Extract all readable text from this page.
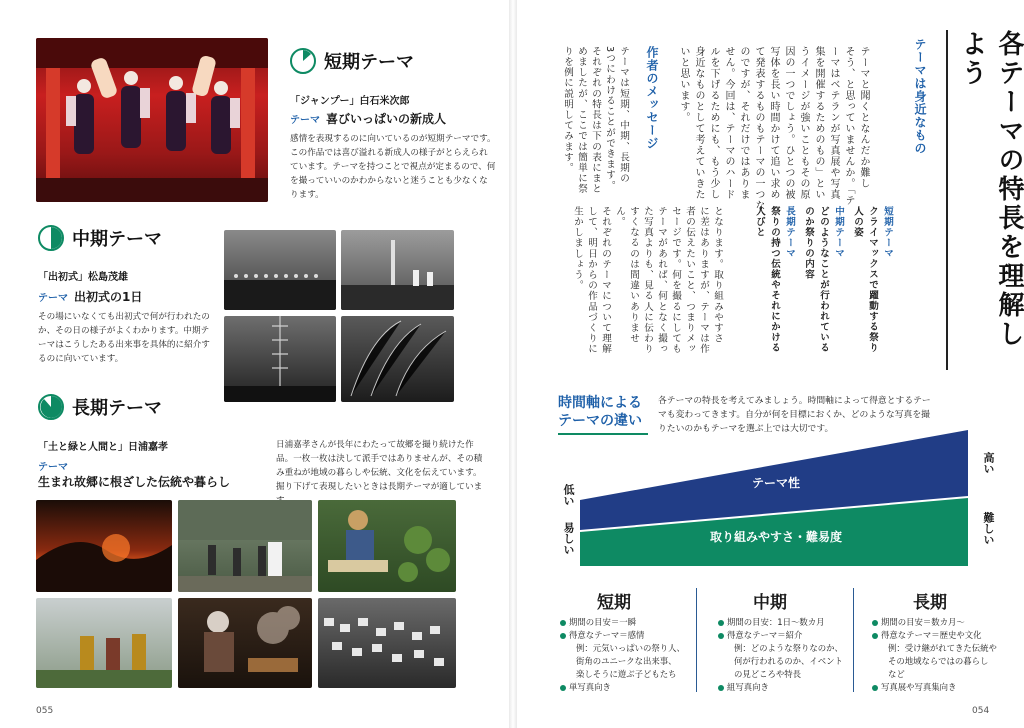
短期テーマ
「ジャンプー」白石米次郎
テーマ 喜びいっぱいの新成人
感情を表現するのに向いているのが短期テーマです。この作品では喜び溢れる新成人の様子がとらえられています。テーマを持つことで視点が定まるので、何を撮っていいのかわからないと迷うことも少なくなります。
中期テーマ
「出初式」松島茂雄
テーマ 出初式の1日
その場にいなくても出初式で何が行われたのか、その日の様子がよくわかります。中期テーマはこうしたある出来事を具体的に紹介するのに向いています。
長期テーマ
「土と緑と人間と」日浦嘉孝
テーマ
生まれ故郷に根ざした伝統や暮らし
日浦嘉孝さんが長年にわたって故郷を撮り続けた作品。一枚一枚は決して派手ではありませんが、その積み重ねが地域の暮らしや伝統、文化を伝えています。掘り下げて表現したいときは長期テーマが適していま
055
各テーマの特長を理解しよう
テーマは身近なもの
テーマと聞くとなんだか難し
そう、と思っていませんか。「テ
ーマはベテランが写真展や写真
集を開催するためのもの」とい
うイメージが強いこともその原
因の一つでしょう。ひとつの被
写体を長い時間かけて追い求め
て発表するものもテーマの一つな
のですが、それだけではありま
せん。今回は、テーマのハード
ルを下げるためにも、もう少し
身近なものとして考えていきた
いと思います。
短期テーマ
クライマックスで躍動する祭り人の姿
中期テーマ
どのようなことが行われているのか祭りの内容
長期テーマ
祭りの持つ伝統やそれにかける人びと
となります。取り組みやすさ
に差はありますが、テーマは作
者の伝えたいこと、つまりメッ
セージです。何を撮るにしても
テーマがあれば、何となく撮っ
た写真よりも、見る人に伝わり
すくなるのは間違いありません。
それぞれのテーマについて理解
して、明日からの作品づくりに
生かしましょう。
作者のメッセージ
テーマは短期、中期、長期の
3つにわけることができます。
それぞれの特長は下の表にまと
めましたが、ここでは簡単に祭
りを例に説明してみます。
時間軸による
テーマの違い
各テーマの特長を考えてみましょう。時間軸によって得意とするテーマも変わってきます。自分が何を目標におくか、どのような写真を撮りたいのかもテーマを選ぶ上では大切です。
テーマ性
取り組みやすさ・難易度
低い
易しい
高い
難しい
短期	中期	長期
期間の目安＝一瞬
得意なテーマ＝感情
例：元気いっぱいの祭り人、
街角のユニークな出来事、
楽しそうに遊ぶ子どもたち
単写真向き
期間の目安：1日〜数カ月
得意なテーマ＝紹介
例：どのような祭りなのか、
何が行われるのか、イベント
の見どころや特長
組写真向き
期間の目安＝数カ月〜
得意なテーマ＝歴史や文化
例：受け継がれてきた伝統や
その地域ならではの暮らし
など
写真展や写真集向き
054
